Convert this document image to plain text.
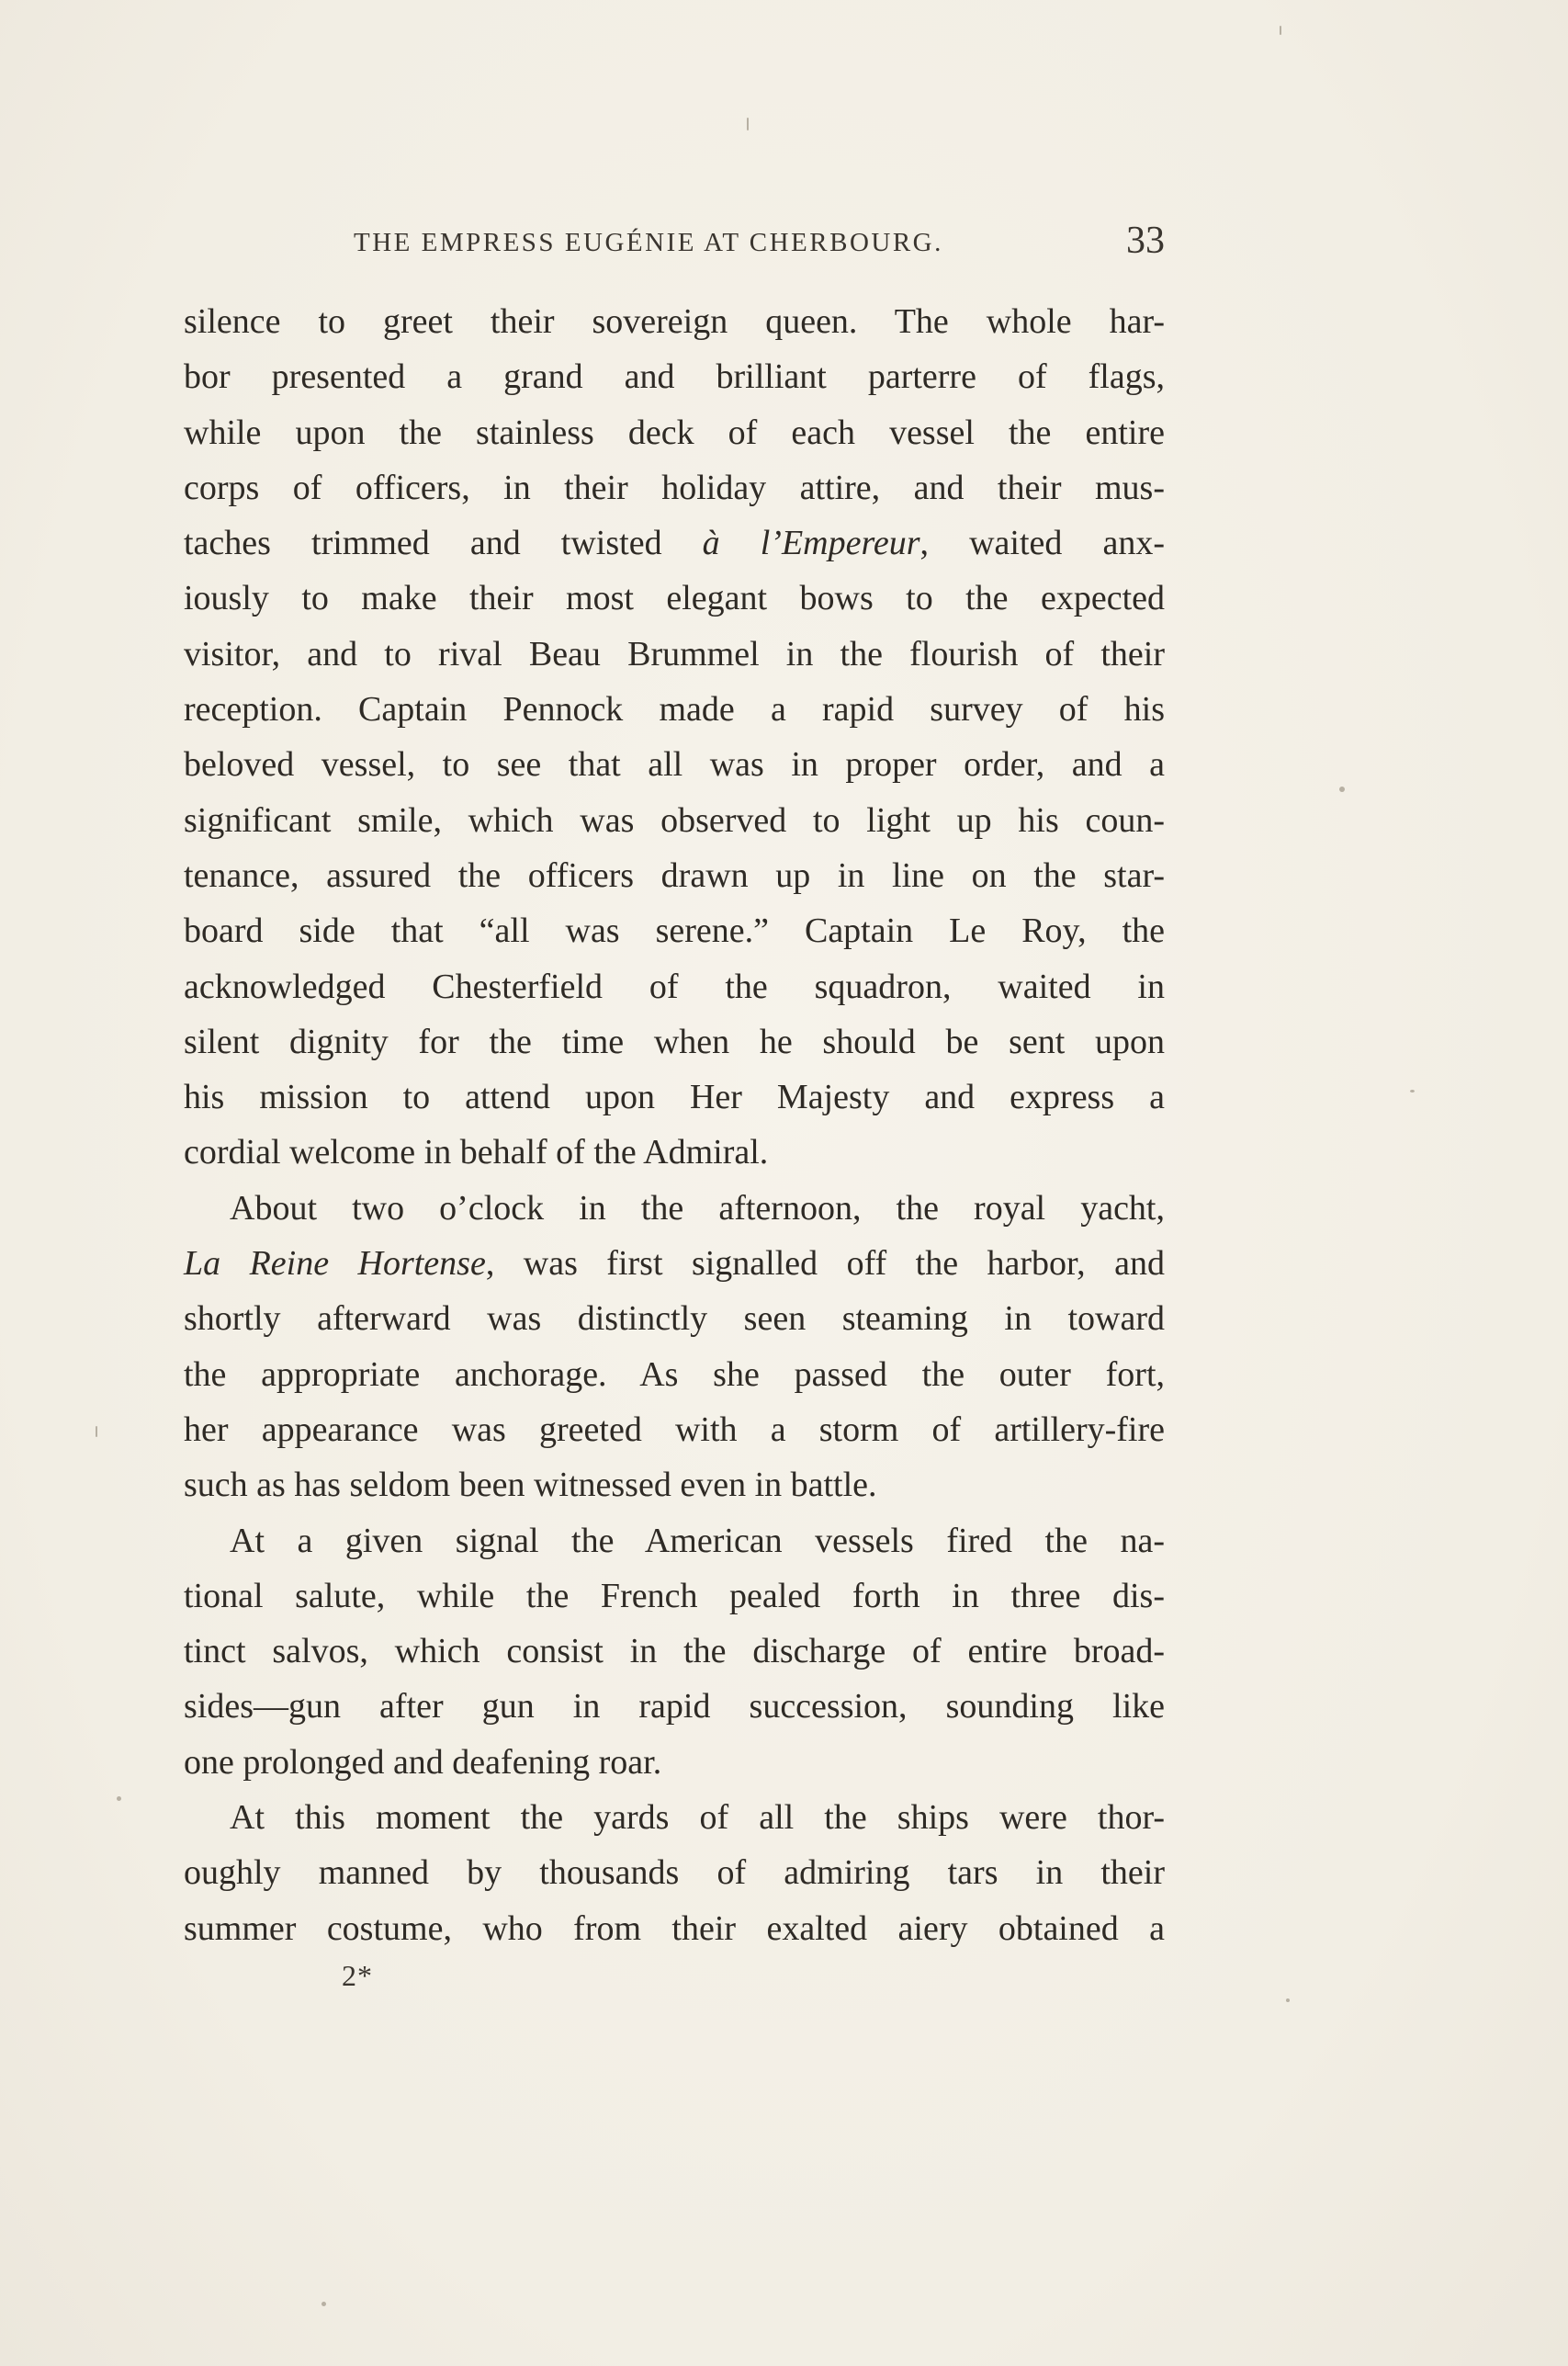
THE EMPRESS EUGÉNIE AT CHERBOURG.	33
silence to greet their sovereign queen. The whole har-
bor presented a grand and brilliant parterre of flags,
while upon the stainless deck of each vessel the entire
corps of officers, in their holiday attire, and their mus-
taches trimmed and twisted à l’Empereur, waited anx-
iously to make their most elegant bows to the expected
visitor, and to rival Beau Brummel in the flourish of their
reception. Captain Pennock made a rapid survey of his
beloved vessel, to see that all was in proper order, and a
significant smile, which was observed to light up his coun-
tenance, assured the officers drawn up in line on the star-
board side that “all was serene.” Captain Le Roy, the
acknowledged Chesterfield of the squadron, waited in
silent dignity for the time when he should be sent upon
his mission to attend upon Her Majesty and express a
cordial welcome in behalf of the Admiral.
About two o’clock in the afternoon, the royal yacht,
La Reine Hortense, was first signalled off the harbor, and
shortly afterward was distinctly seen steaming in toward
the appropriate anchorage. As she passed the outer fort,
her appearance was greeted with a storm of artillery-fire
such as has seldom been witnessed even in battle.
At a given signal the American vessels fired the na-
tional salute, while the French pealed forth in three dis-
tinct salvos, which consist in the discharge of entire broad-
sides—gun after gun in rapid succession, sounding like
one prolonged and deafening roar.
At this moment the yards of all the ships were thor-
oughly manned by thousands of admiring tars in their
summer costume, who from their exalted aiery obtained a
2*
